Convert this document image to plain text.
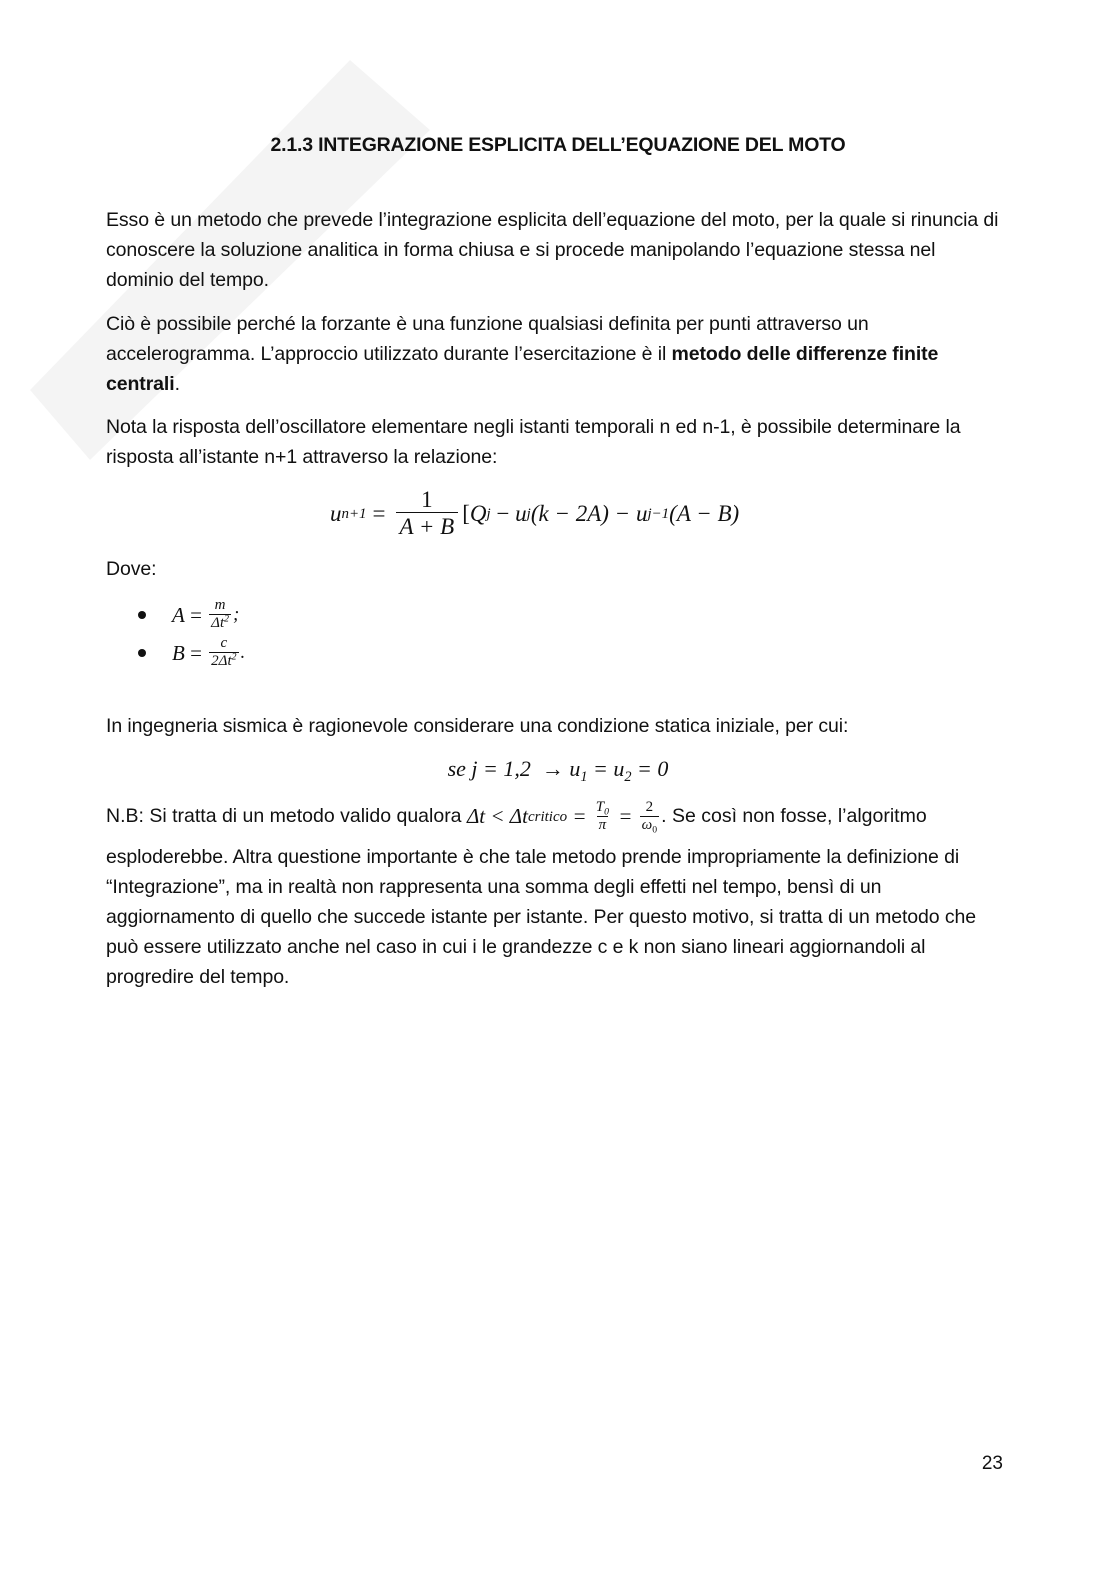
2.1.3 INTEGRAZIONE ESPLICITA DELL’EQUAZIONE DEL MOTO
Esso è un metodo che prevede l’integrazione esplicita dell’equazione del moto, per la quale si rinuncia di conoscere la soluzione analitica in forma chiusa e si procede manipolando l’equazione stessa nel dominio del tempo.
Ciò è possibile perché la forzante è una funzione qualsiasi definita per punti attraverso un accelerogramma. L’approccio utilizzato durante l’esercitazione è il metodo delle differenze finite centrali.
Nota la risposta dell’oscillatore elementare negli istanti temporali n ed n-1, è possibile determinare la risposta all’istante n+1 attraverso la relazione:
u $n+1 = \frac{1}{A + B}$ [ Q j − u j (k − 2A) − u j−1 (A − B)
Dove:
$A = \frac{m}{\Delta t^2}$ ;
$B = \frac{c}{2\Delta t^2}$ .
In ingegneria sismica è ragionevole considerare una condizione statica iniziale, per cui:
se $j = 1,2 \to u_1 = u_2 = 0$
N.B: Si tratta di un metodo valido qualora Δt < Δt critico = $\frac{T_0}{\pi} = \frac{2}{\omega_0}$ . Se così non fosse, l’algoritmo
esploderebbe. Altra questione importante è che tale metodo prende impropriamente la definizione di “Integrazione”, ma in realtà non rappresenta una somma degli effetti nel tempo, bensì di un aggiornamento di quello che succede istante per istante. Per questo motivo, si tratta di un metodo che può essere utilizzato anche nel caso in cui i le grandezze c e k non siano lineari aggiornandoli al progredire del tempo.
23
